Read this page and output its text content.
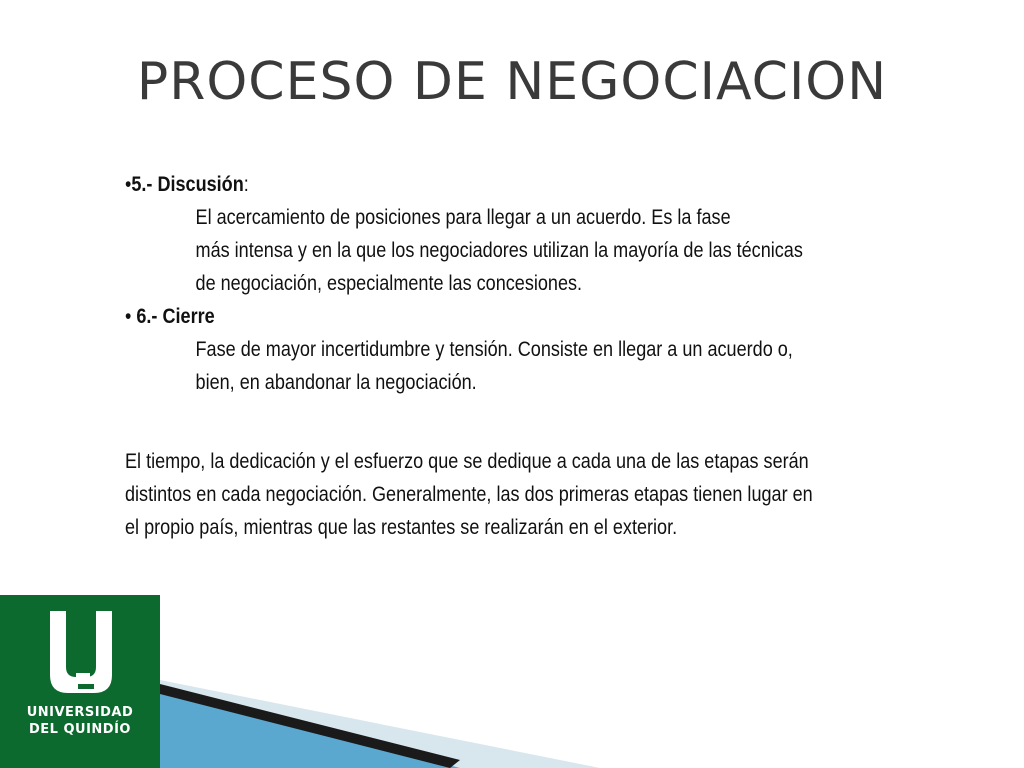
PROCESO DE NEGOCIACION
•5.- Discusión:
El acercamiento de posiciones para llegar a un acuerdo. Es la fase
más intensa y en la que los negociadores utilizan la mayoría de las técnicas
de negociación, especialmente las concesiones.
• 6.- Cierre
Fase de mayor incertidumbre y tensión. Consiste en llegar a un acuerdo o,
bien, en abandonar la negociación.
El tiempo, la dedicación y el esfuerzo que se dedique a cada una de las etapas serán
distintos en cada negociación. Generalmente, las dos primeras etapas tienen lugar en
el propio país, mientras que las restantes se realizarán en el exterior.
UNIVERSIDAD
DEL QUINDÍO
